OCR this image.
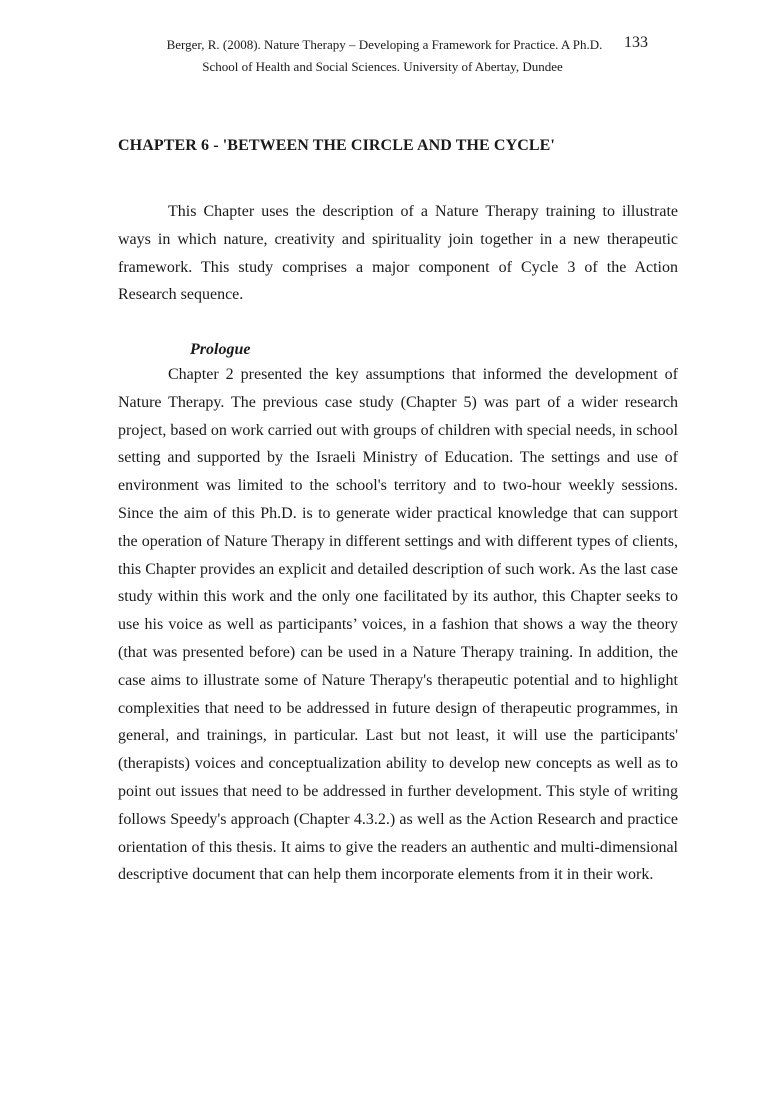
Berger, R. (2008). Nature Therapy – Developing a Framework for Practice. A Ph.D.	133
School of Health and Social Sciences. University of Abertay, Dundee
CHAPTER 6 - 'BETWEEN THE CIRCLE AND THE CYCLE'

This Chapter uses the description of a Nature Therapy training to illustrate ways in which nature, creativity and spirituality join together in a new therapeutic framework. This study comprises a major component of Cycle 3 of the Action Research sequence.

Prologue

Chapter 2 presented the key assumptions that informed the development of Nature Therapy. The previous case study (Chapter 5) was part of a wider research project, based on work carried out with groups of children with special needs, in school setting and supported by the Israeli Ministry of Education. The settings and use of environment was limited to the school's territory and to two-hour weekly sessions. Since the aim of this Ph.D. is to generate wider practical knowledge that can support the operation of Nature Therapy in different settings and with different types of clients, this Chapter provides an explicit and detailed description of such work. As the last case study within this work and the only one facilitated by its author, this Chapter seeks to use his voice as well as participants’ voices, in a fashion that shows a way the theory (that was presented before) can be used in a Nature Therapy training. In addition, the case aims to illustrate some of Nature Therapy's therapeutic potential and to highlight complexities that need to be addressed in future design of therapeutic programmes, in general, and trainings, in particular. Last but not least, it will use the participants' (therapists) voices and conceptualization ability to develop new concepts as well as to point out issues that need to be addressed in further development. This style of writing follows Speedy's approach (Chapter 4.3.2.) as well as the Action Research and practice orientation of this thesis. It aims to give the readers an authentic and multi-dimensional descriptive document that can help them incorporate elements from it in their work.
